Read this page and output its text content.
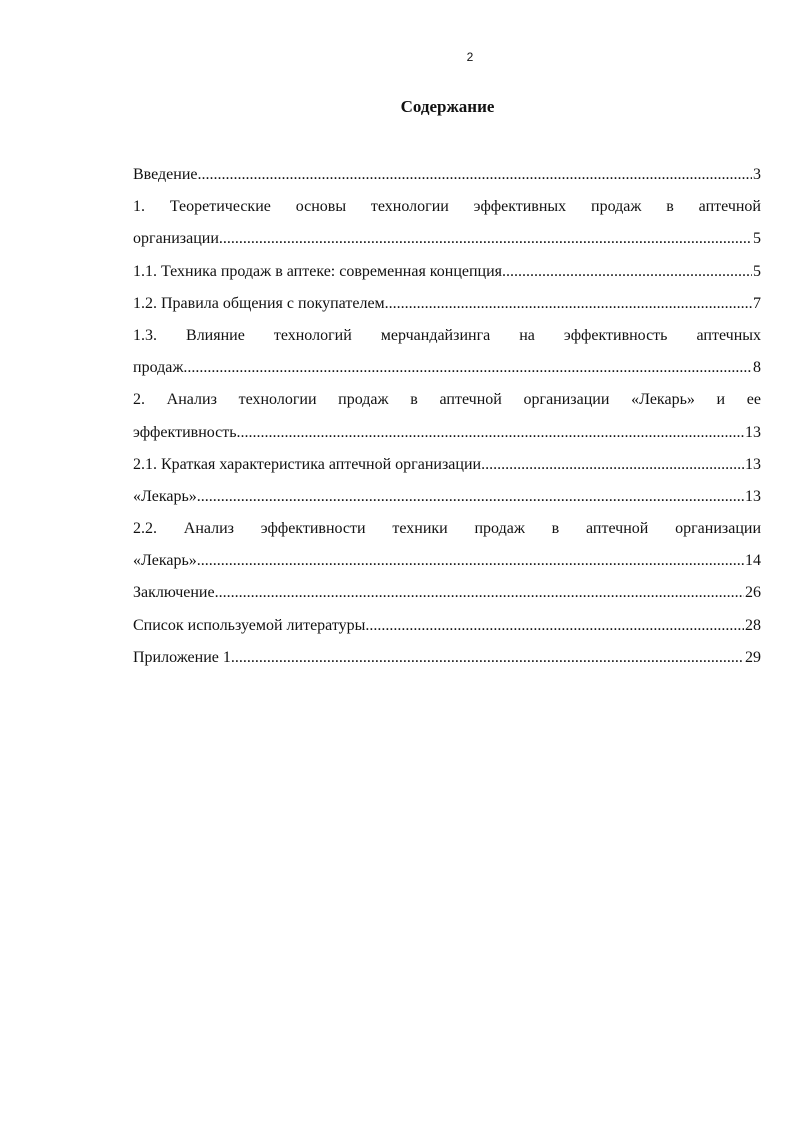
2
Содержание
Введение .....	3
1. Теоретические основы технологии эффективных продаж в аптечной
организации .....	5
1.1. Техника продаж в аптеке: современная концепция .....	5
1.2. Правила общения с покупателем .....	7
1.3. Влияние технологий мерчандайзинга на эффективность аптечных
продаж .....	8
2. Анализ технологии продаж в аптечной организации «Лекарь» и ее
эффективность .....	13
2.1. Краткая характеристика аптечной организации .....	13
«Лекарь» .....	13
2.2. Анализ эффективности техники продаж в аптечной организации
«Лекарь» .....	14
Заключение .....	26
Список используемой литературы .....	28
Приложение 1 .....	29
